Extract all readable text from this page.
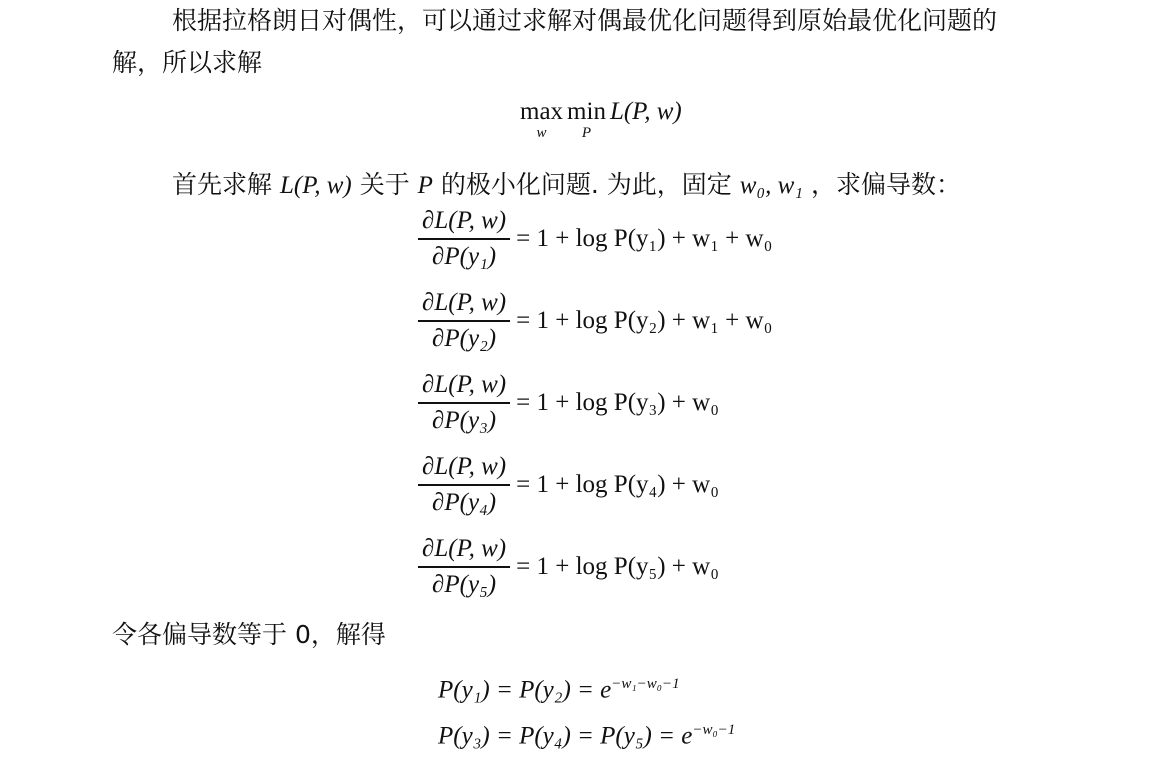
根据拉格朗日对偶性，可以通过求解对偶最优化问题得到原始最优化问题的
解，所以求解
max
w
min
P
L(P, w)
首先求解 L(P, w) 关于 P 的极小化问题. 为此，固定 w₀, w₁ ，求偏导数：
$\frac{\partial L(P, w)}{\text{∂P(y₁)}} = 1 + \log P(y_1) + w_1 + w_0$
$\frac{\partial L(P, w)}{\text{∂P(y₂)}} = 1 + \log P(y_2) + w_1 + w_0$
$\frac{\partial L(P, w)}{\text{∂P(y₃)}} = 1 + \log P(y_3) + w_0$
$\frac{\partial L(P, w)}{\text{∂P(y₄)}} = 1 + \log P(y_4) + w_0$
$\frac{\partial L(P, w)}{\text{∂P(y₅)}} = 1 + \log P(y_5) + w_0$
令各偏导数等于 0，解得
$P(y_1) = P(y_2) = e^{-w_1-w_0-1}$
$P(y_3) = P(y_4) = P(y_5) = e^{-w_0-1}$
